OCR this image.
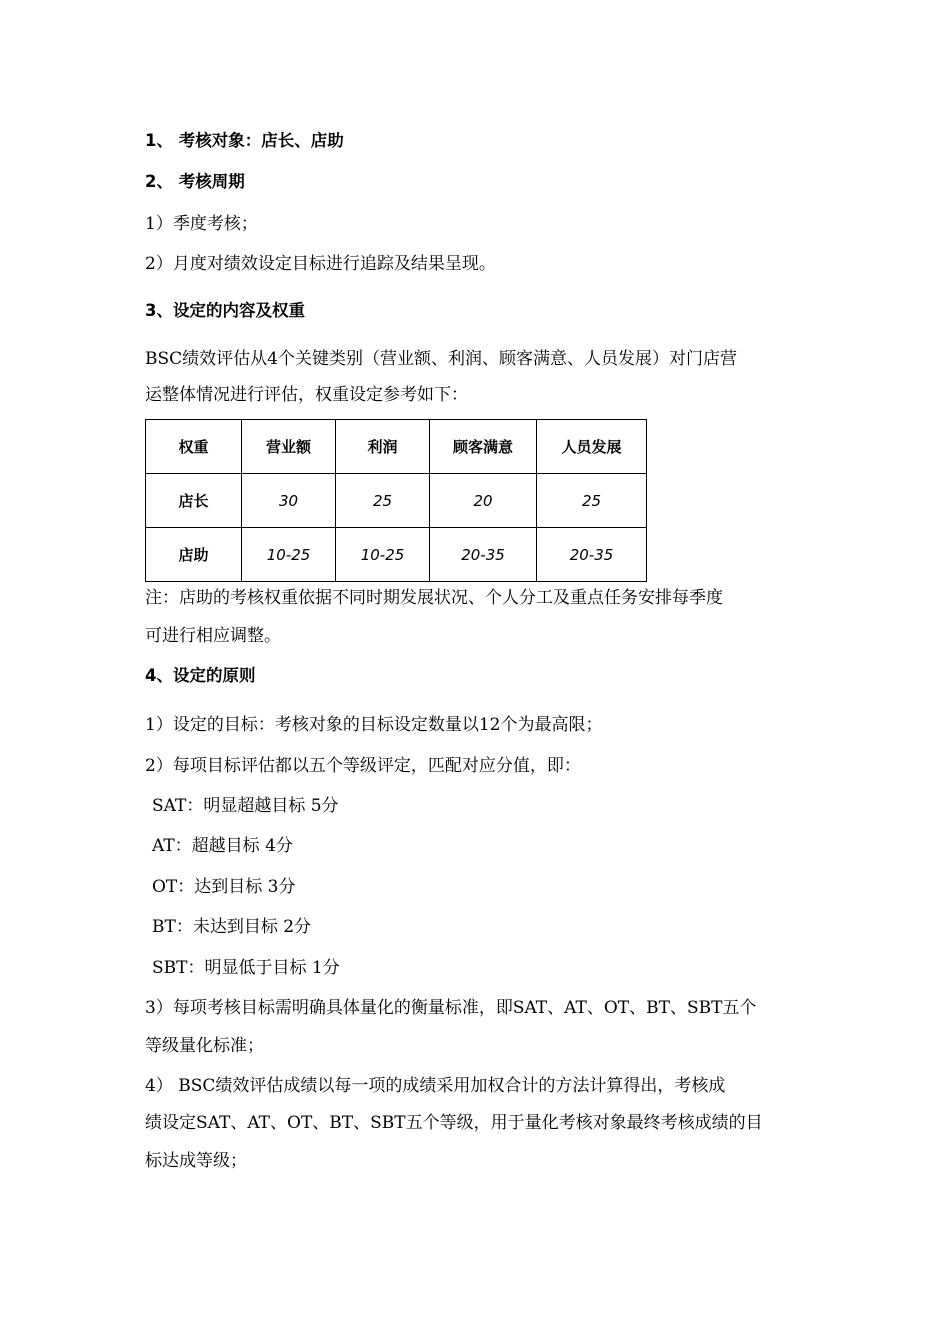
1、 考核对象：店长、店助
2、 考核周期
1）季度考核；
2）月度对绩效设定目标进行追踪及结果呈现。
3、设定的内容及权重
BSC绩效评估从4个关键类别（营业额、利润、顾客满意、人员发展）对门店营
运整体情况进行评估，权重设定参考如下：
权重	营业额	利润	顾客满意	人员发展
店长	30	25	20	25
店助	10-25	10-25	20-35	20-35
注：店助的考核权重依据不同时期发展状况、个人分工及重点任务安排每季度
可进行相应调整。
4、设定的原则
1）设定的目标：考核对象的目标设定数量以12个为最高限；
2）每项目标评估都以五个等级评定，匹配对应分值，即：
SAT：明显超越目标 5分
AT：超越目标 4分
OT：达到目标 3分
BT：未达到目标 2分
SBT：明显低于目标 1分
3）每项考核目标需明确具体量化的衡量标准，即SAT、AT、OT、BT、SBT五个
等级量化标准；
4） BSC绩效评估成绩以每一项的成绩采用加权合计的方法计算得出，考核成
绩设定SAT、AT、OT、BT、SBT五个等级，用于量化考核对象最终考核成绩的目
标达成等级；
